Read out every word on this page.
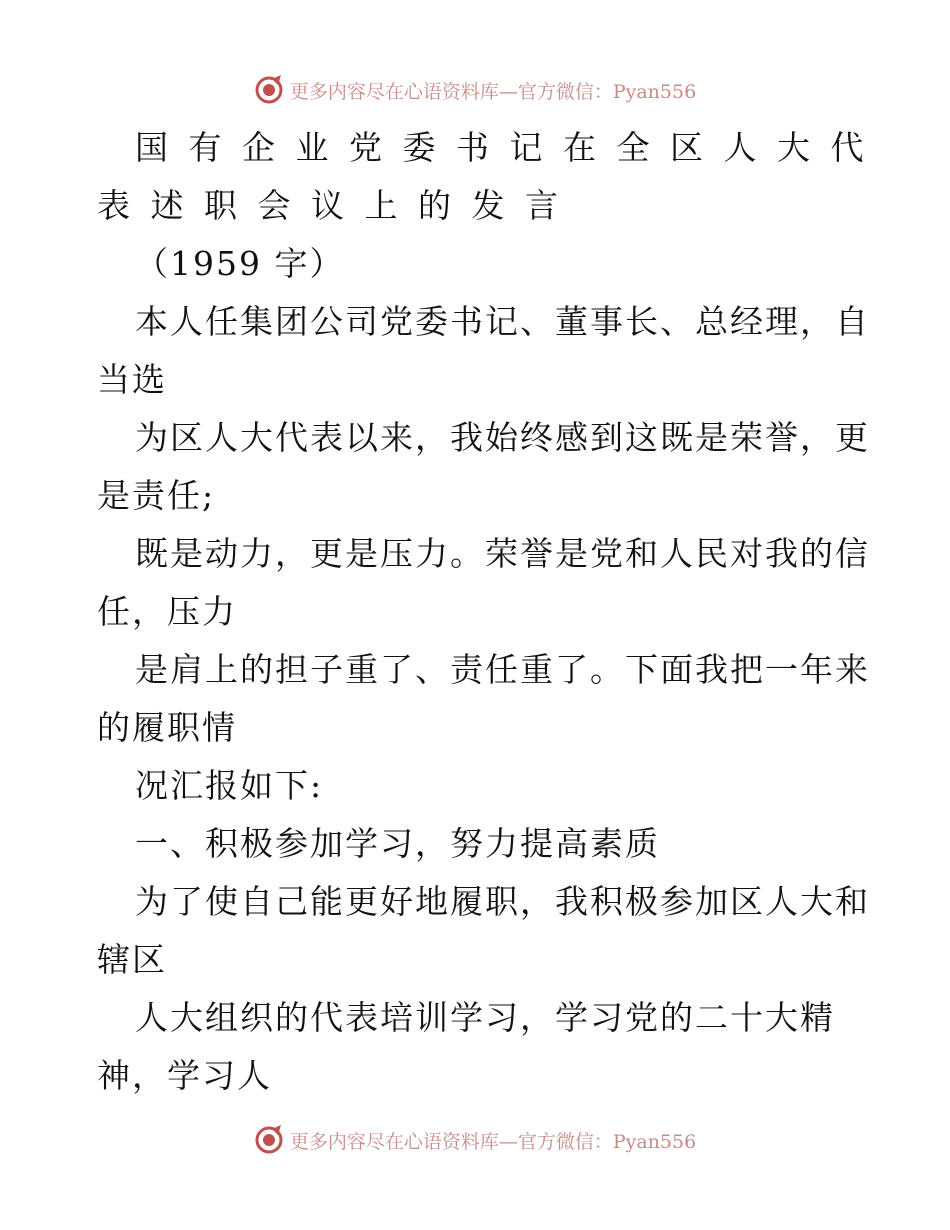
更多内容尽在心语资料库—官方微信：Pyan556
国有企业党委书记在全区人大代
表述职会议上的发言
（1959 字）
本人任集团公司党委书记、董事长、总经理，自
当选
为区人大代表以来，我始终感到这既是荣誉，更
是责任;
既是动力，更是压力。荣誉是党和人民对我的信
任，压力
是肩上的担子重了、责任重了。下面我把一年来
的履职情
况汇报如下:
一、积极参加学习，努力提高素质
为了使自己能更好地履职，我积极参加区人大和
辖区
人大组织的代表培训学习，学习党的二十大精
神，学习人
更多内容尽在心语资料库—官方微信：Pyan556
